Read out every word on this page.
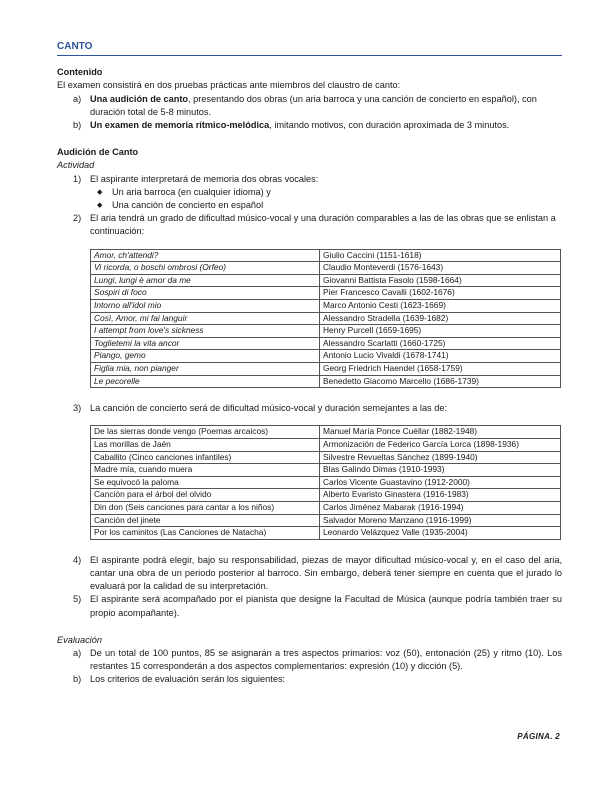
CANTO
Contenido
El examen consistirá en dos pruebas prácticas ante miembros del claustro de canto:
a) Una audición de canto, presentando dos obras (un aria barroca y una canción de concierto en español), con duración total de 5-8 minutos.
b) Un examen de memoria rítmico-melódica, imitando motivos, con duración aproximada de 3 minutos.
Audición de Canto
Actividad
1) El aspirante interpretará de memoria dos obras vocales:
◆	Un aria barroca (en cualquier idioma) y
◆	Una canción de concierto en español
2) El aria tendrá un grado de dificultad músico-vocal y una duración comparables a las de las obras que se enlistan a continuación:
Amor, ch'attendi?	Giulio Caccini (1151-1618)
Vi ricorda, o boschi ombrosi (Orfeo)	Claudio Monteverdi (1576-1643)
Lungi, lungi è amor da me	Giovanni Battista Fasolo (1598-1664)
Sospiri di foco	Pier Francesco Cavalli (1602-1676)
Intorno all'idol mio	Marco Antonio Cesti (1623-1669)
Così, Amor, mi fai languir	Alessandro Stradella (1639-1682)
I attempt from love's sickness	Henry Purcell (1659-1695)
Toglietemi la vita ancor	Alessandro Scarlatti (1660-1725)
Piango, gemo	Antonio Lucio Vivaldi (1678-1741)
Figlia mia, non pianger	Georg Friedrich Haendel (1658-1759)
Le pecorelle	Benedetto Giacomo Marcello (1686-1739)
3) La canción de concierto será de dificultad músico-vocal y duración semejantes a las de:
De las sierras donde vengo (Poemas arcaicos)	Manuel María Ponce Cuéllar (1882-1948)
Las morillas de Jaén	Armonización de Federico García Lorca (1898-1936)
Caballito (Cinco canciones infantiles)	Silvestre Revueltas Sánchez (1899-1940)
Madre mía, cuando muera	Blas Galindo Dimas (1910-1993)
Se equivocó la paloma	Carlos Vicente Guastavino (1912-2000)
Canción para el árbol del olvido	Alberto Evaristo Ginastera (1916-1983)
Din don (Seis canciones para cantar a los niños)	Carlos Jiménez Mabarak (1916-1994)
Canción del jinete	Salvador Moreno Manzano (1916-1999)
Por los caminitos (Las Canciones de Natacha)	Leonardo Velázquez Valle (1935-2004)
4) El aspirante podrá elegir, bajo su responsabilidad, piezas de mayor dificultad músico-vocal y, en el caso del aria, cantar una obra de un periodo posterior al barroco. Sin embargo, deberá tener siempre en cuenta que el jurado lo evaluará por la calidad de su interpretación.
5) El aspirante será acompañado por el pianista que designe la Facultad de Música (aunque podría también traer su propio acompañante).
Evaluación
a) De un total de 100 puntos, 85 se asignarán a tres aspectos primarios: voz (50), entonación (25) y ritmo (10). Los restantes 15 corresponderán a dos aspectos complementarios: expresión (10) y dicción (5).
b) Los criterios de evaluación serán los siguientes:
PÁGINA. 2
